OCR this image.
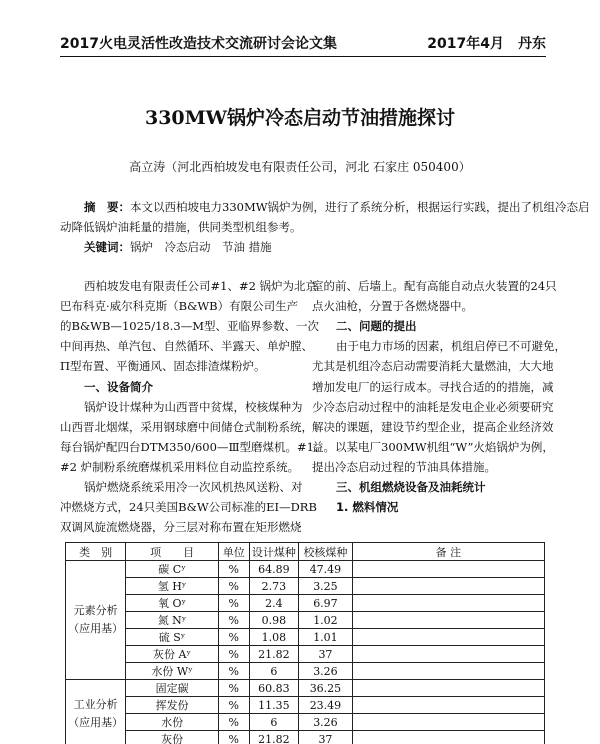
2017火电灵活性改造技术交流研讨会论文集	2017年4月　丹东
330MW锅炉冷态启动节油措施探讨
高立涛（河北西柏坡发电有限责任公司，河北 石家庄 050400）
摘　要：本文以西柏坡电力330MW锅炉为例，进行了系统分析，根据运行实践，提出了机组冷态启
动降低锅炉油耗量的措施，供同类型机组参考。
关键词：锅炉　冷态启动　节油 措施
西柏坡发电有限责任公司#1、#2 锅炉为北京
巴布科克·威尔科克斯（B&WB）有限公司生产
的B&WB—1025/18.3—M型、亚临界参数、一次
中间再热、单汽包、自然循环、半露天、单炉膛、
Π型布置、平衡通风、固态排渣煤粉炉。
一、设备简介
锅炉设计煤种为山西晋中贫煤，校核煤种为
山西晋北烟煤，采用钢球磨中间储仓式制粉系统，
每台锅炉配四台DTM350/600—Ⅲ型磨煤机。#1、
#2 炉制粉系统磨煤机采用料位自动监控系统。
锅炉燃烧系统采用冷一次风机热风送粉、对
冲燃烧方式，24只美国B&W公司标准的EI—DRB
双调风旋流燃烧器，分三层对称布置在矩形燃烧
室的前、后墙上。配有高能自动点火装置的24只
点火油枪，分置于各燃烧器中。
二、问题的提出
由于电力市场的因素，机组启停已不可避免，
尤其是机组冷态启动需要消耗大量燃油，大大地
增加发电厂的运行成本。寻找合适的的措施，减
少冷态启动过程中的油耗是发电企业必须要研究
解决的课题，建设节约型企业，提高企业经济效
益。以某电厂300MW机组“W”火焰锅炉为例，
提出冷态启动过程的节油具体措施。
三、机组燃烧设备及油耗统计
1. 燃料情况
类　别	项　　目	单位	设计煤种	校核煤种	备 注
元素分析
（应用基）	碳 Cʸ	%	64.89	47.49	
	氢 Hʸ	%	2.73	3.25	
	氧 Oʸ	%	2.4	6.97	
	氮 Nʸ	%	0.98	1.02	
	硫 Sʸ	%	1.08	1.01	
	灰份 Aʸ	%	21.82	37	
	水份 Wʸ	%	6	3.26	
工业分析
（应用基）	固定碳	%	60.83	36.25	
	挥发份	%	11.35	23.49	
	水份	%	6	3.26	
	灰份	%	21.82	37	
